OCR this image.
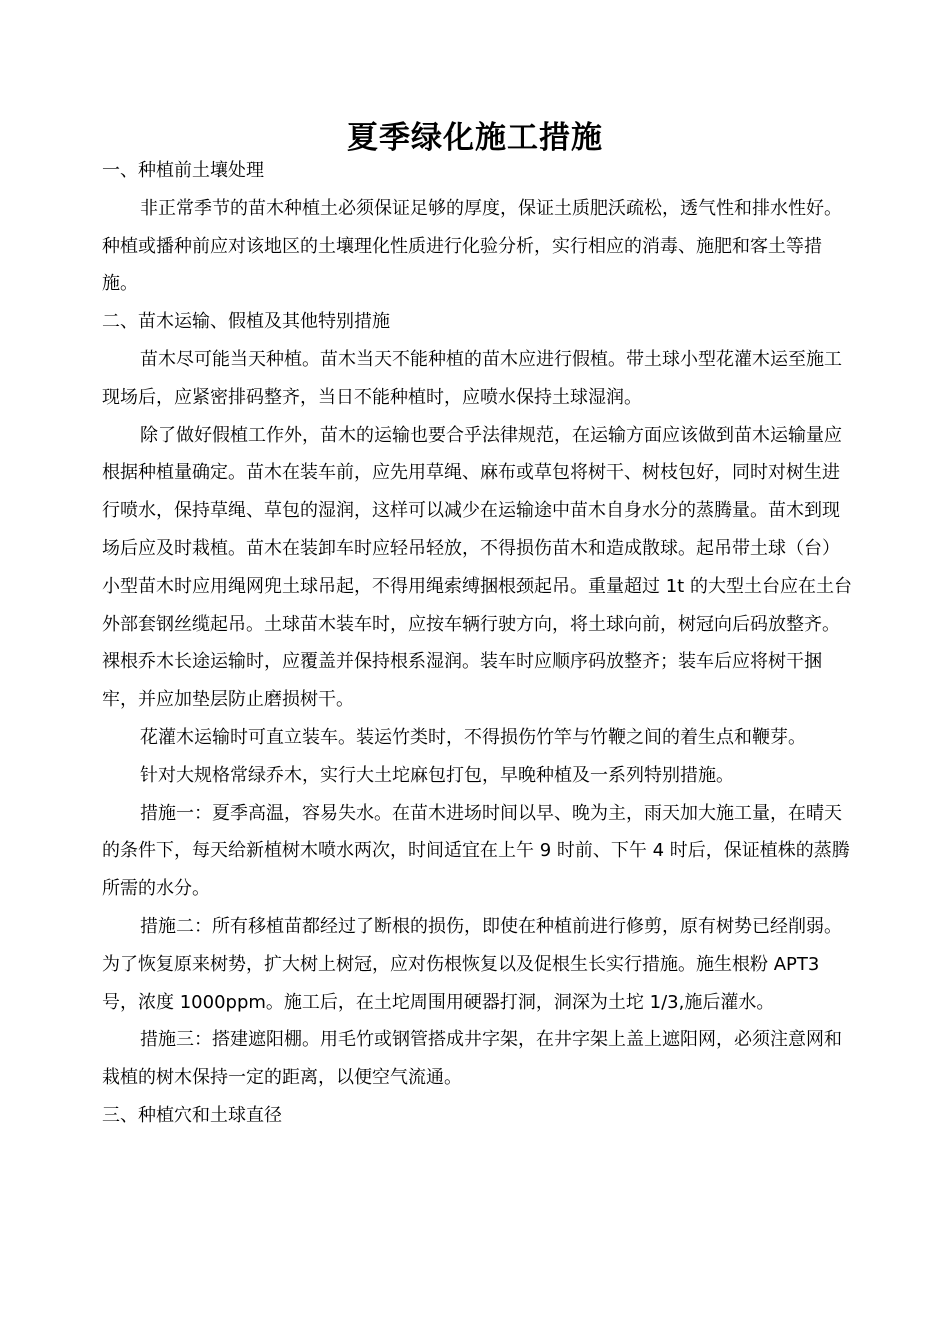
夏季绿化施工措施

一、种植前土壤处理

非正常季节的苗木种植土必须保证足够的厚度，保证土质肥沃疏松，透气性和排水性好。种植或播种前应对该地区的土壤理化性质进行化验分析，实行相应的消毒、施肥和客土等措施。

二、苗木运输、假植及其他特别措施

苗木尽可能当天种植。苗木当天不能种植的苗木应进行假植。带土球小型花灌木运至施工现场后，应紧密排码整齐，当日不能种植时，应喷水保持土球湿润。

除了做好假植工作外，苗木的运输也要合乎法律规范，在运输方面应该做到苗木运输量应根据种植量确定。苗木在装车前，应先用草绳、麻布或草包将树干、树枝包好，同时对树生进行喷水，保持草绳、草包的湿润，这样可以减少在运输途中苗木自身水分的蒸腾量。苗木到现场后应及时栽植。苗木在装卸车时应轻吊轻放，不得损伤苗木和造成散球。起吊带土球（台）小型苗木时应用绳网兜土球吊起，不得用绳索缚捆根颈起吊。重量超过 1t 的大型土台应在土台外部套钢丝缆起吊。土球苗木装车时，应按车辆行驶方向，将土球向前，树冠向后码放整齐。裸根乔木长途运输时，应覆盖并保持根系湿润。装车时应顺序码放整齐；装车后应将树干捆牢，并应加垫层防止磨损树干。

花灌木运输时可直立装车。装运竹类时，不得损伤竹竿与竹鞭之间的着生点和鞭芽。

针对大规格常绿乔木，实行大土坨麻包打包，早晚种植及一系列特别措施。

措施一：夏季高温，容易失水。在苗木进场时间以早、晚为主，雨天加大施工量，在晴天的条件下，每天给新植树木喷水两次，时间适宜在上午 9 时前、下午 4 时后，保证植株的蒸腾所需的水分。

措施二：所有移植苗都经过了断根的损伤，即使在种植前进行修剪，原有树势已经削弱。为了恢复原来树势，扩大树上树冠，应对伤根恢复以及促根生长实行措施。施生根粉 APT3 号，浓度 1000ppm。施工后，在土坨周围用硬器打洞，洞深为土坨 1/3,施后灌水。

措施三：搭建遮阳棚。用毛竹或钢管搭成井字架，在井字架上盖上遮阳网，必须注意网和栽植的树木保持一定的距离，以便空气流通。

三、种植穴和土球直径
